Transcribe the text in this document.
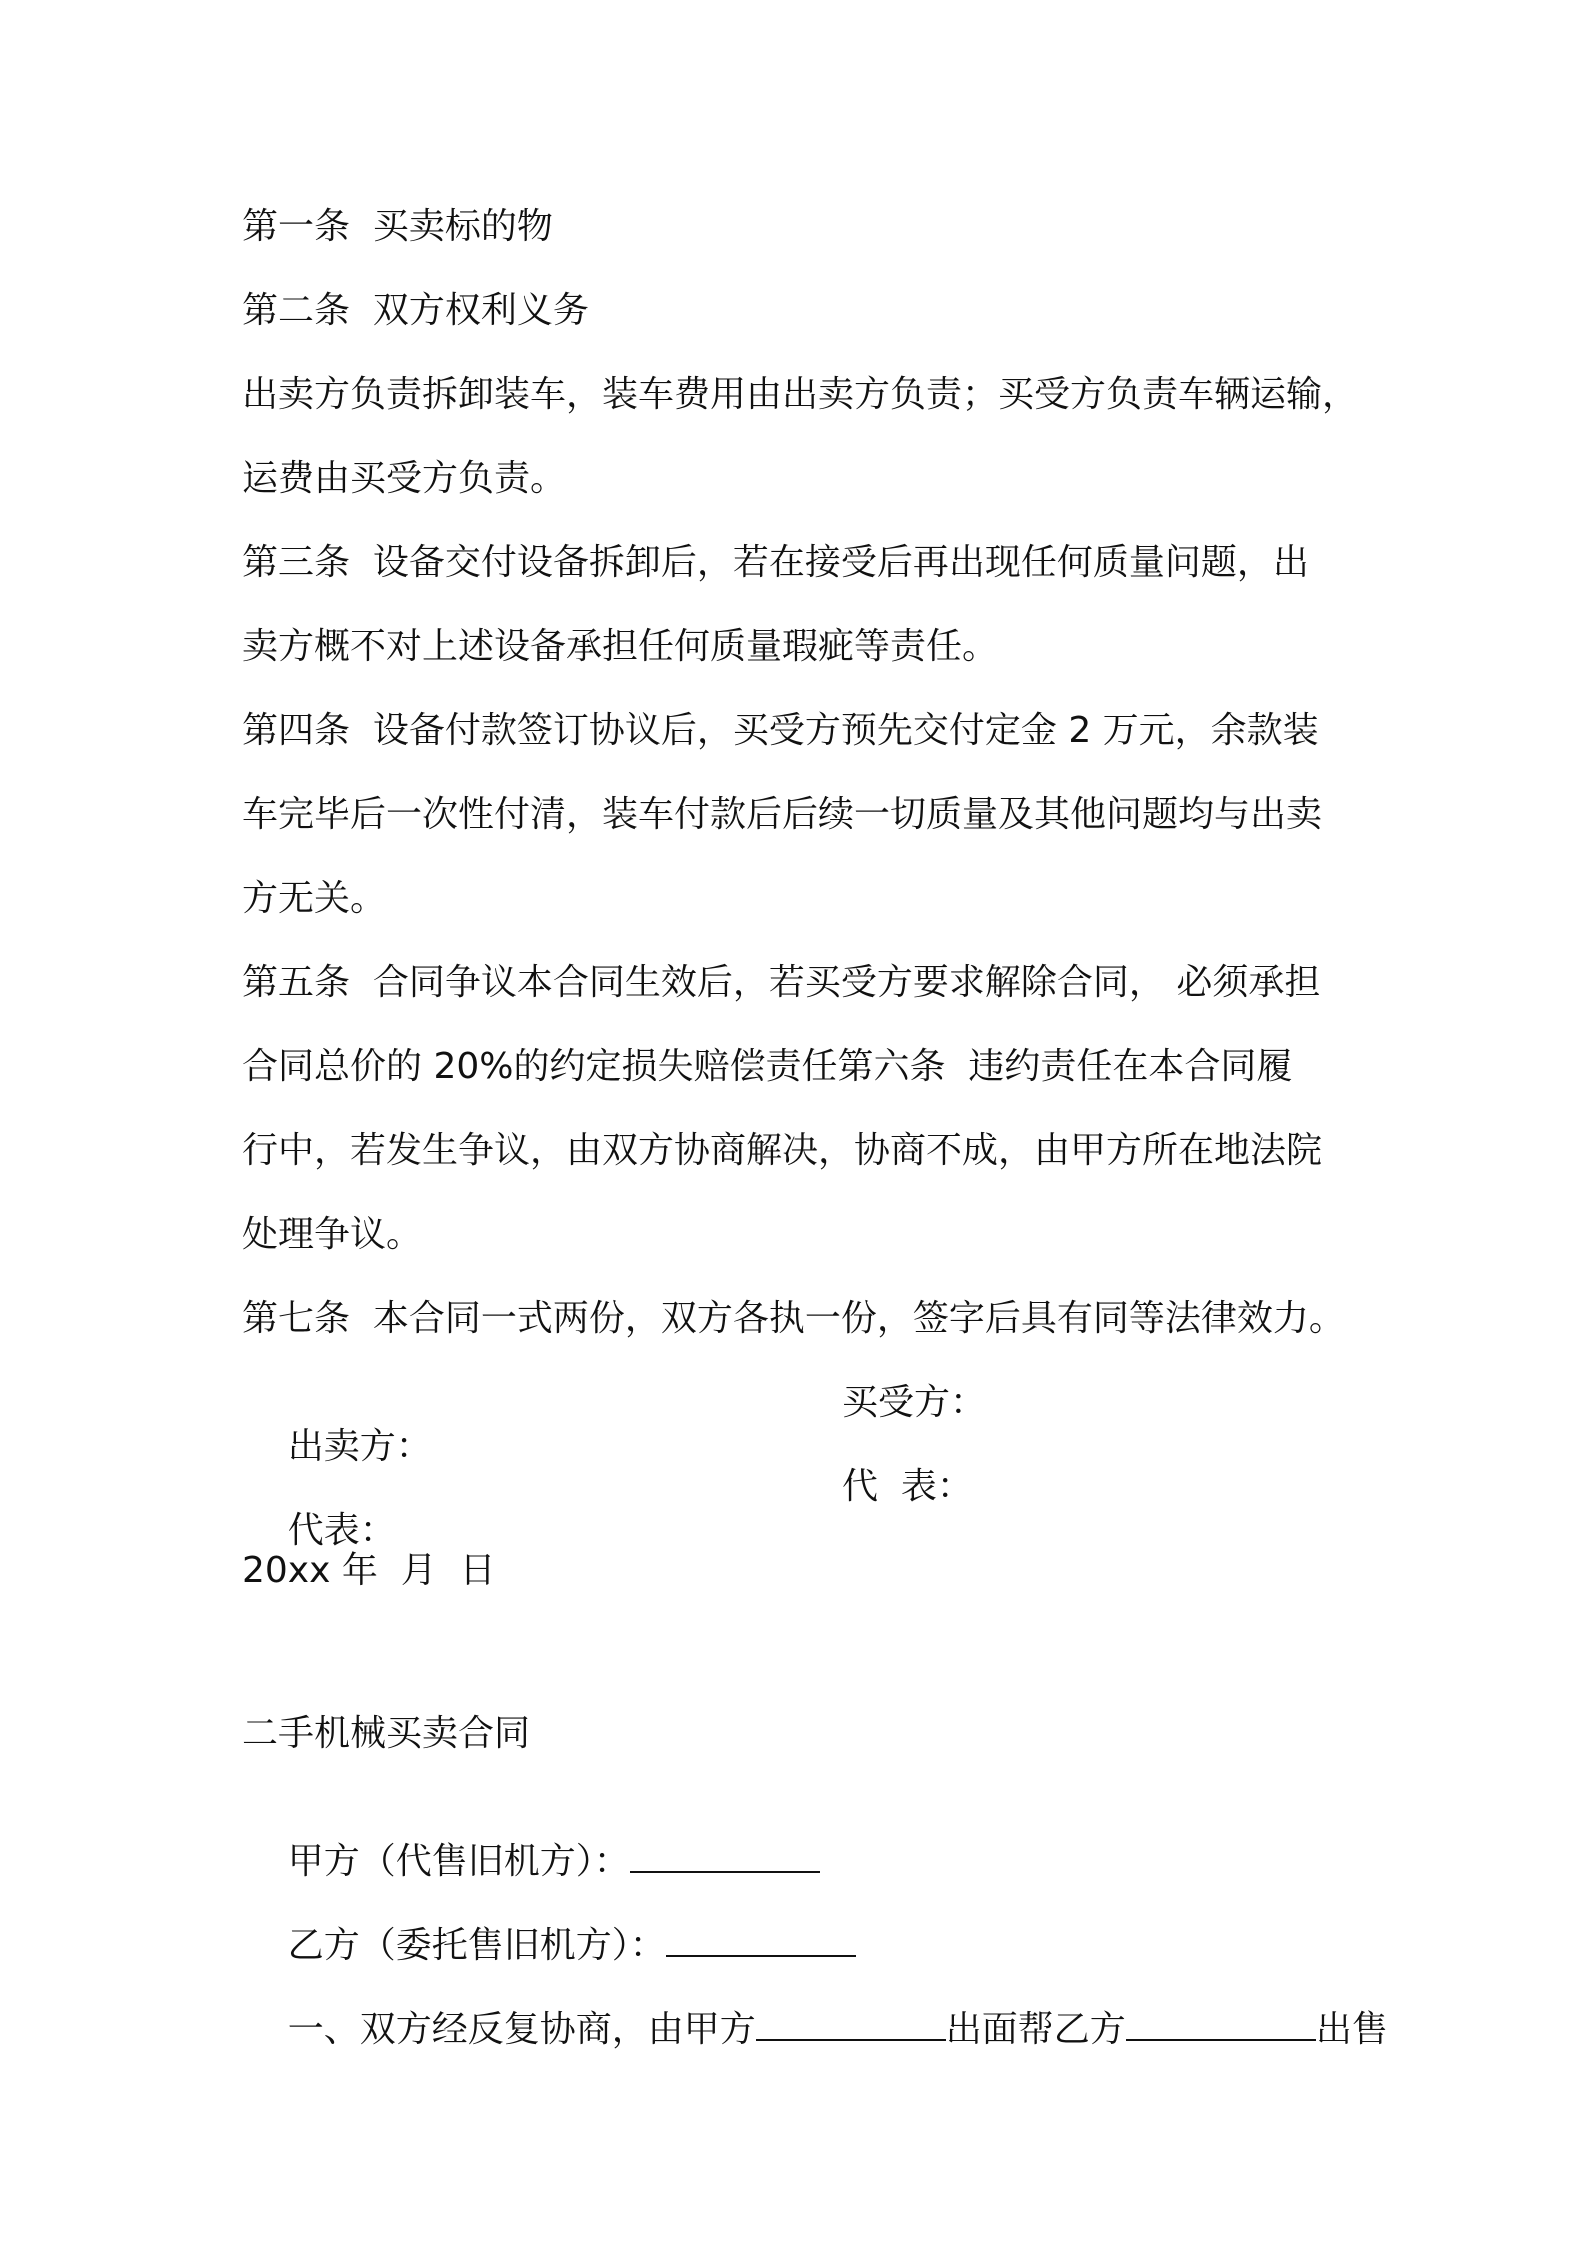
第一条  买卖标的物

第二条  双方权利义务

出卖方负责拆卸装车，装车费用由出卖方负责；买受方负责车辆运输，

运费由买受方负责。

第三条  设备交付设备拆卸后，若在接受后再出现任何质量问题，出

卖方概不对上述设备承担任何质量瑕疵等责任。

第四条  设备付款签订协议后，买受方预先交付定金 2 万元，余款装

车完毕后一次性付清，装车付款后后续一切质量及其他问题均与出卖

方无关。

第五条  合同争议本合同生效后，若买受方要求解除合同， 必须承担

合同总价的 20%的约定损失赔偿责任第六条  违约责任在本合同履

行中，若发生争议，由双方协商解决，协商不成，由甲方所在地法院

处理争议。

第七条  本合同一式两份，双方各执一份，签字后具有同等法律效力。

出卖方：

买受方：

代表：

代  表：

20xx 年  月  日

二手机械买卖合同

甲方（代售旧机方）：

乙方（委托售旧机方）：

一、双方经反复协商，由甲方	出面帮乙方	出售
